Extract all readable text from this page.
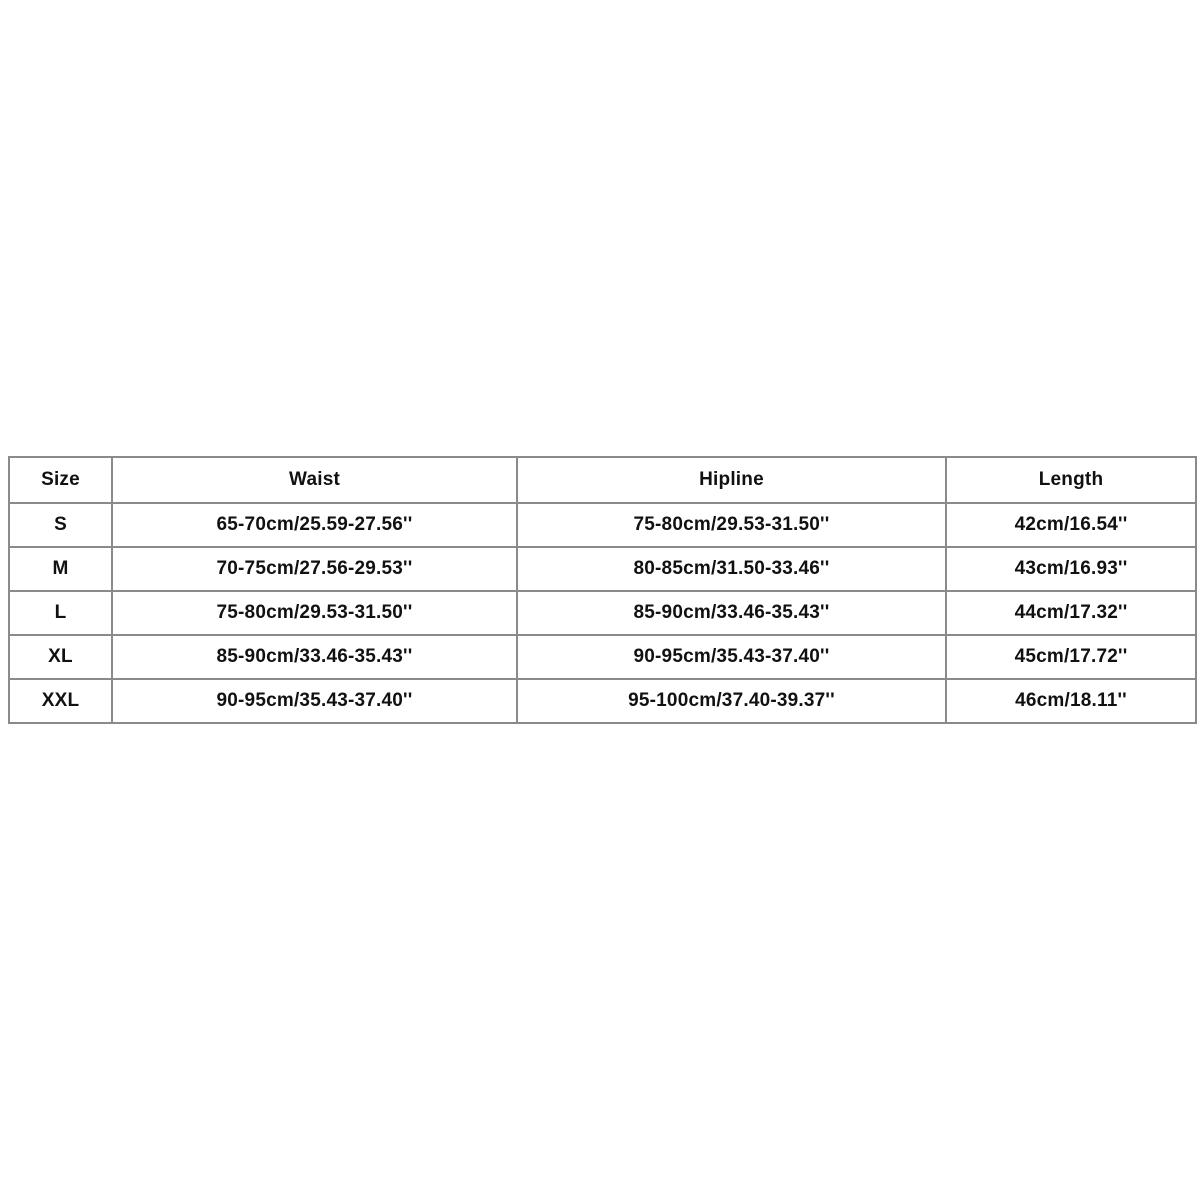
Size	Waist	Hipline	Length
S	65-70cm/25.59-27.56''	75-80cm/29.53-31.50''	42cm/16.54''
M	70-75cm/27.56-29.53''	80-85cm/31.50-33.46''	43cm/16.93''
L	75-80cm/29.53-31.50''	85-90cm/33.46-35.43''	44cm/17.32''
XL	85-90cm/33.46-35.43''	90-95cm/35.43-37.40''	45cm/17.72''
XXL	90-95cm/35.43-37.40''	95-100cm/37.40-39.37''	46cm/18.11''
